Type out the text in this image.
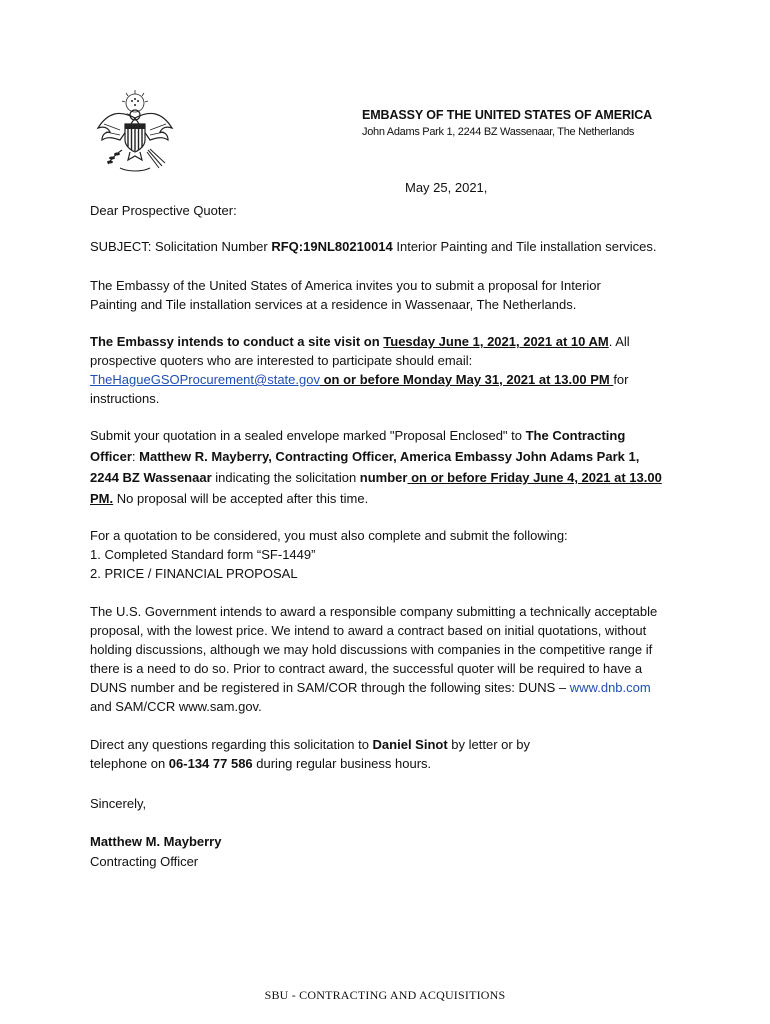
EMBASSY OF THE UNITED STATES OF AMERICA
John Adams Park 1, 2244 BZ Wassenaar, The Netherlands
May 25, 2021,
Dear Prospective Quoter:
SUBJECT: Solicitation Number RFQ:19NL80210014 Interior Painting and Tile installation services.
The Embassy of the United States of America invites you to submit a proposal for Interior Painting and Tile installation services at a residence in Wassenaar, The Netherlands.
The Embassy intends to conduct a site visit on Tuesday June 1, 2021, 2021 at 10 AM. All prospective quoters who are interested to participate should email: TheHagueGSOProcurement@state.gov on or before Monday May 31, 2021 at 13.00 PM for instructions.
Submit your quotation in a sealed envelope marked "Proposal Enclosed" to The Contracting Officer: Matthew R. Mayberry, Contracting Officer, America Embassy John Adams Park 1, 2244 BZ Wassenaar indicating the solicitation number on or before Friday June 4, 2021 at 13.00 PM. No proposal will be accepted after this time.
For a quotation to be considered, you must also complete and submit the following:
1. Completed Standard form “SF-1449”
2. PRICE / FINANCIAL PROPOSAL
The U.S. Government intends to award a responsible company submitting a technically acceptable proposal, with the lowest price. We intend to award a contract based on initial quotations, without holding discussions, although we may hold discussions with companies in the competitive range if there is a need to do so. Prior to contract award, the successful quoter will be required to have a DUNS number and be registered in SAM/COR through the following sites: DUNS – www.dnb.com and SAM/CCR www.sam.gov.
Direct any questions regarding this solicitation to Daniel Sinot by letter or by telephone on 06-134 77 586 during regular business hours.
Sincerely,
Matthew M. Mayberry
Contracting Officer
SBU - CONTRACTING AND ACQUISITIONS
